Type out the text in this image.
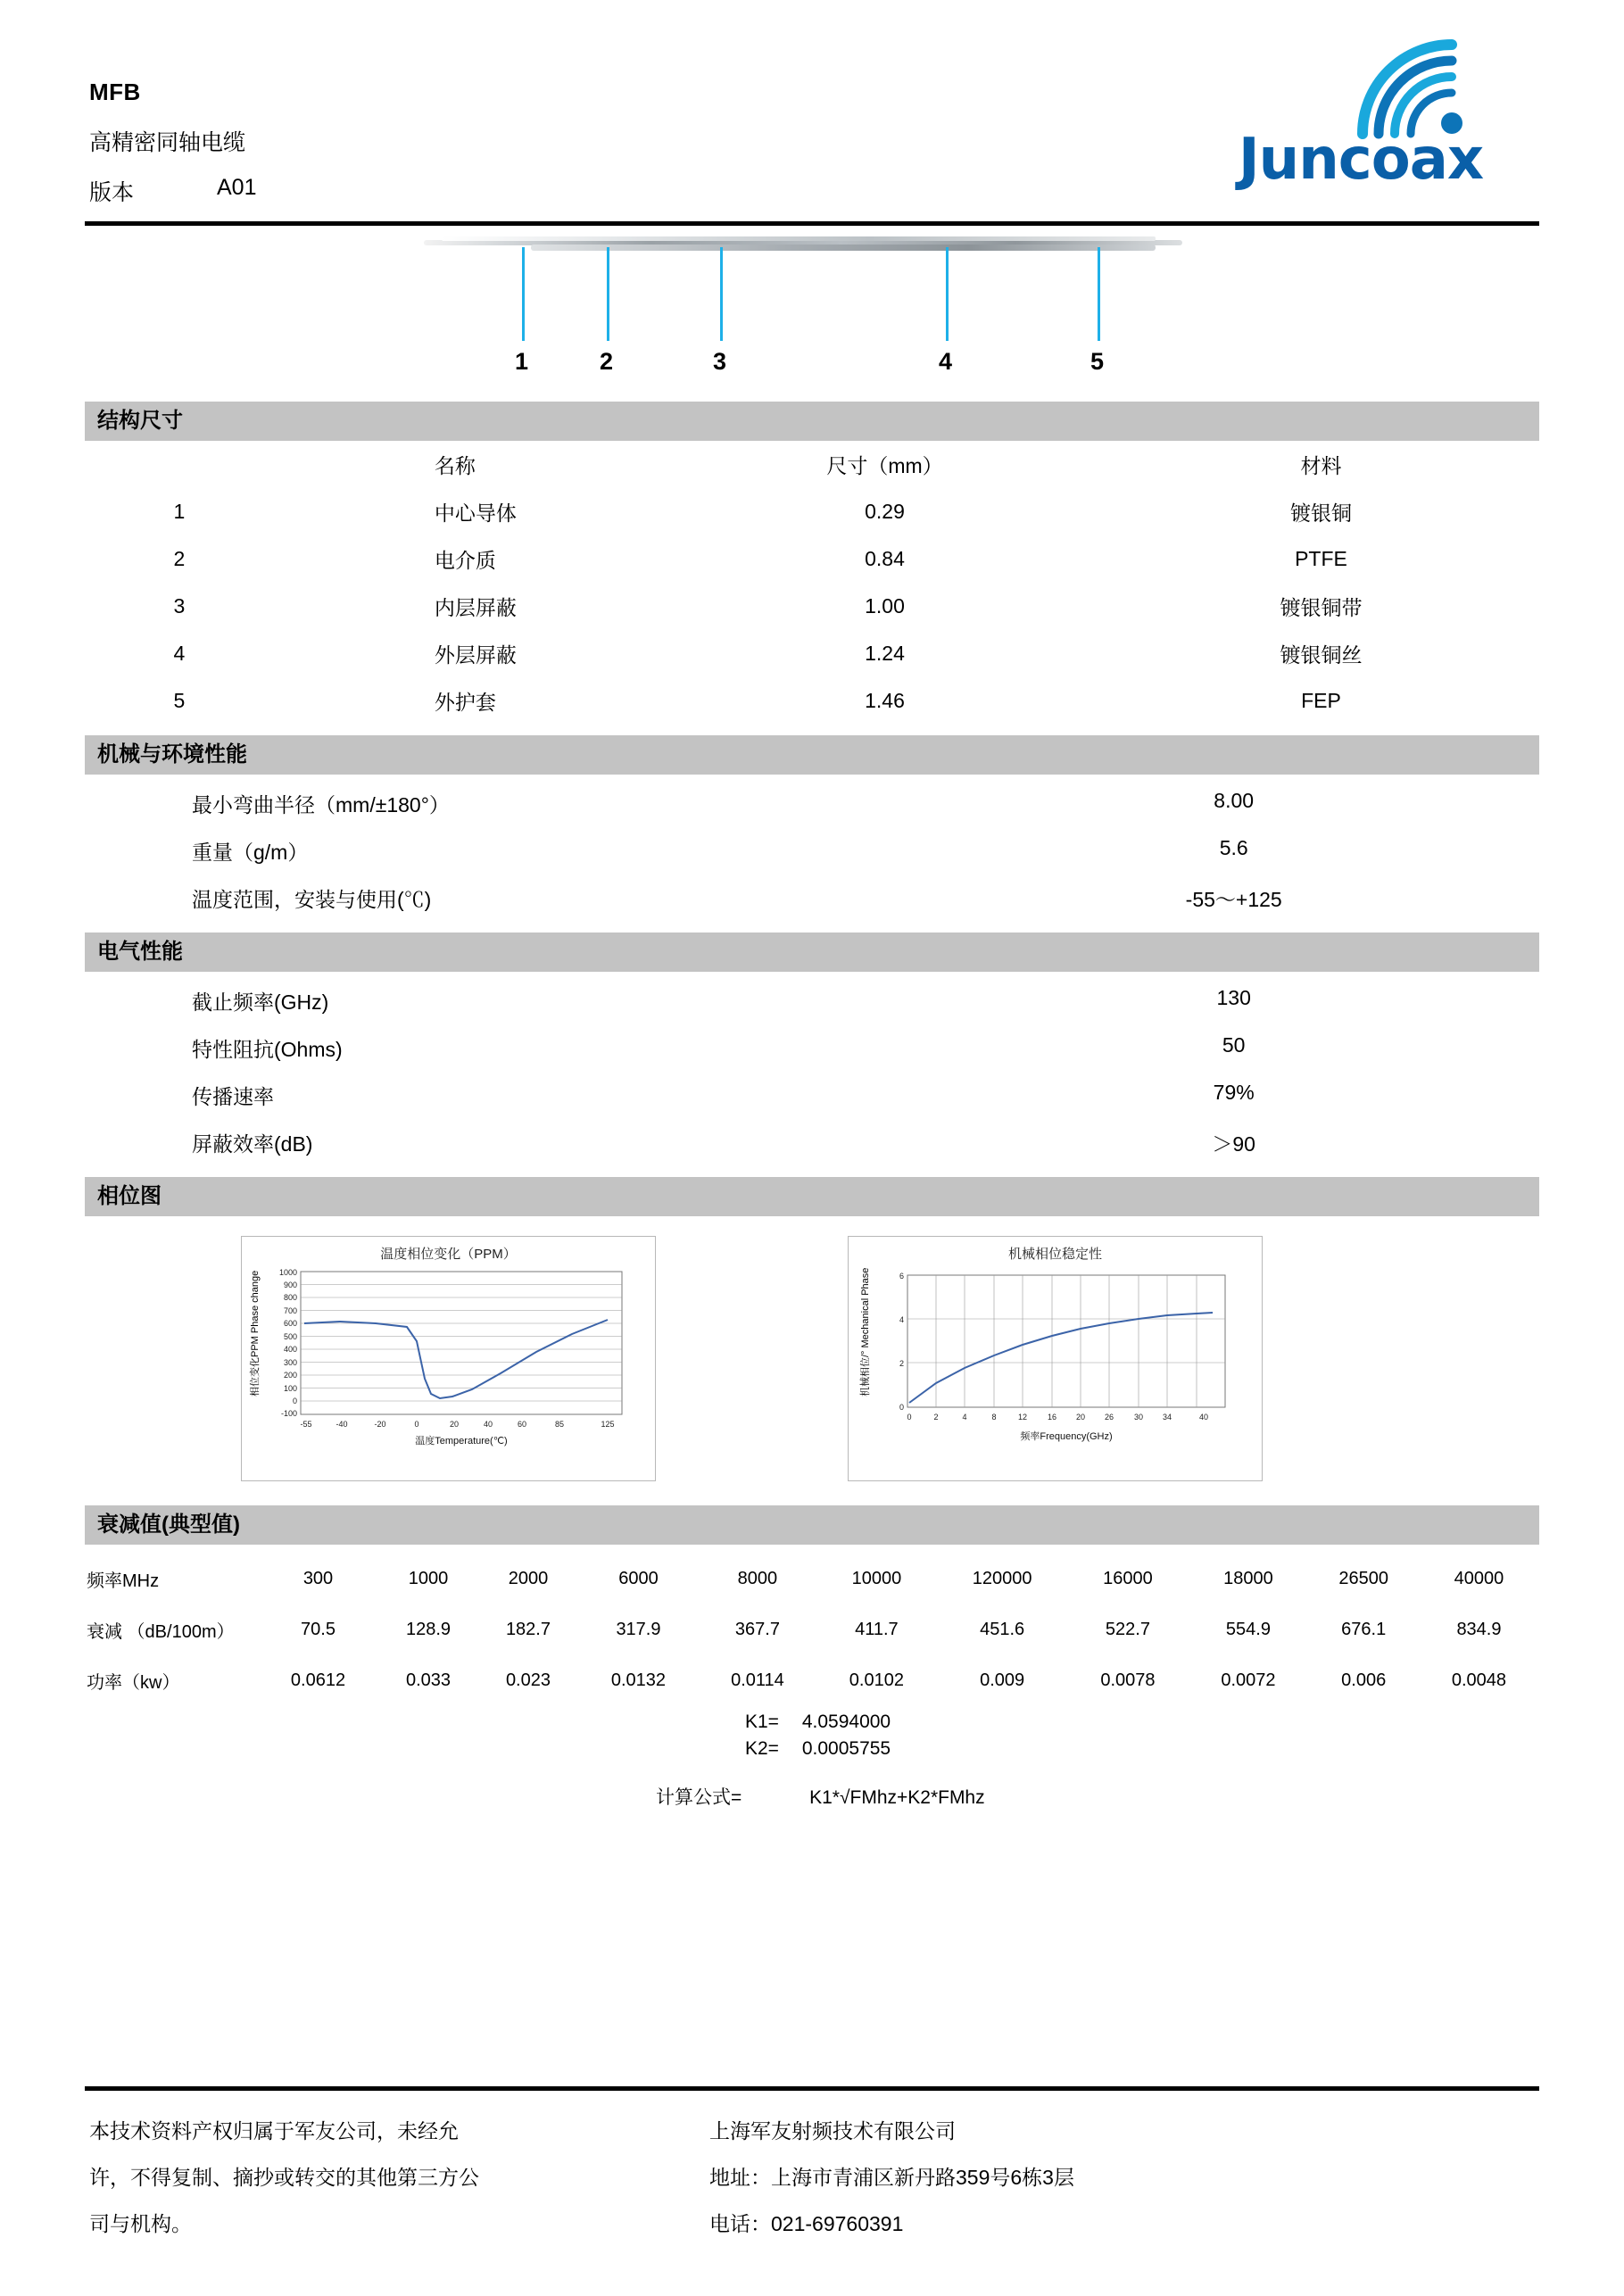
MFB
高精密同轴电缆
版本	A01	Juncoax
1	2	3	4	5
结构尺寸
	名称	尺寸（mm）	材料
1	中心导体	0.29	镀银铜
2	电介质	0.84	PTFE
3	内层屏蔽	1.00	镀银铜带
4	外层屏蔽	1.24	镀银铜丝
5	外护套	1.46	FEP
机械与环境性能
最小弯曲半径（mm/±180°）	8.00
重量（g/m）	5.6
温度范围，安装与使用(℃)	-55～+125
电气性能
截止频率(GHz)	130
特性阻抗(Ohms)	50
传播速率	79%
屏蔽效率(dB)	＞90
相位图
温度相位变化（PPM）
相位变化PPM Phase change 1000
900
800
700
600
500
400
300
200
100
0
-100
-55	-40	-20	0	20	40	60	85	125
温度Temperature(℃)
机械相位稳定性
机械相位/° Mechanical Phase	6
4
2
0
0	2	4	8	12	16 20 26	30 34	40
频率Frequency(GHz)
衰减值(典型值)
频率MHz	300	1000	2000	6000	8000	10000	120000	16000	18000	26500	40000
衰减 （dB/100m）	70.5	128.9	182.7	317.9	367.7	411.7	451.6	522.7	554.9	676.1	834.9
功率（kw）	0.0612	0.033	0.023	0.0132	0.0114	0.0102	0.009	0.0078	0.0072	0.006	0.0048
K1= 4.0594000
K2= 0.0005755
计算公式=	K1*√FMhz+K2*FMhz
本技术资料产权归属于军友公司，未经允
许，不得复制、摘抄或转交的其他第三方公
司与机构。
上海军友射频技术有限公司
地址：上海市青浦区新丹路359号6栋3层
电话：021-69760391
